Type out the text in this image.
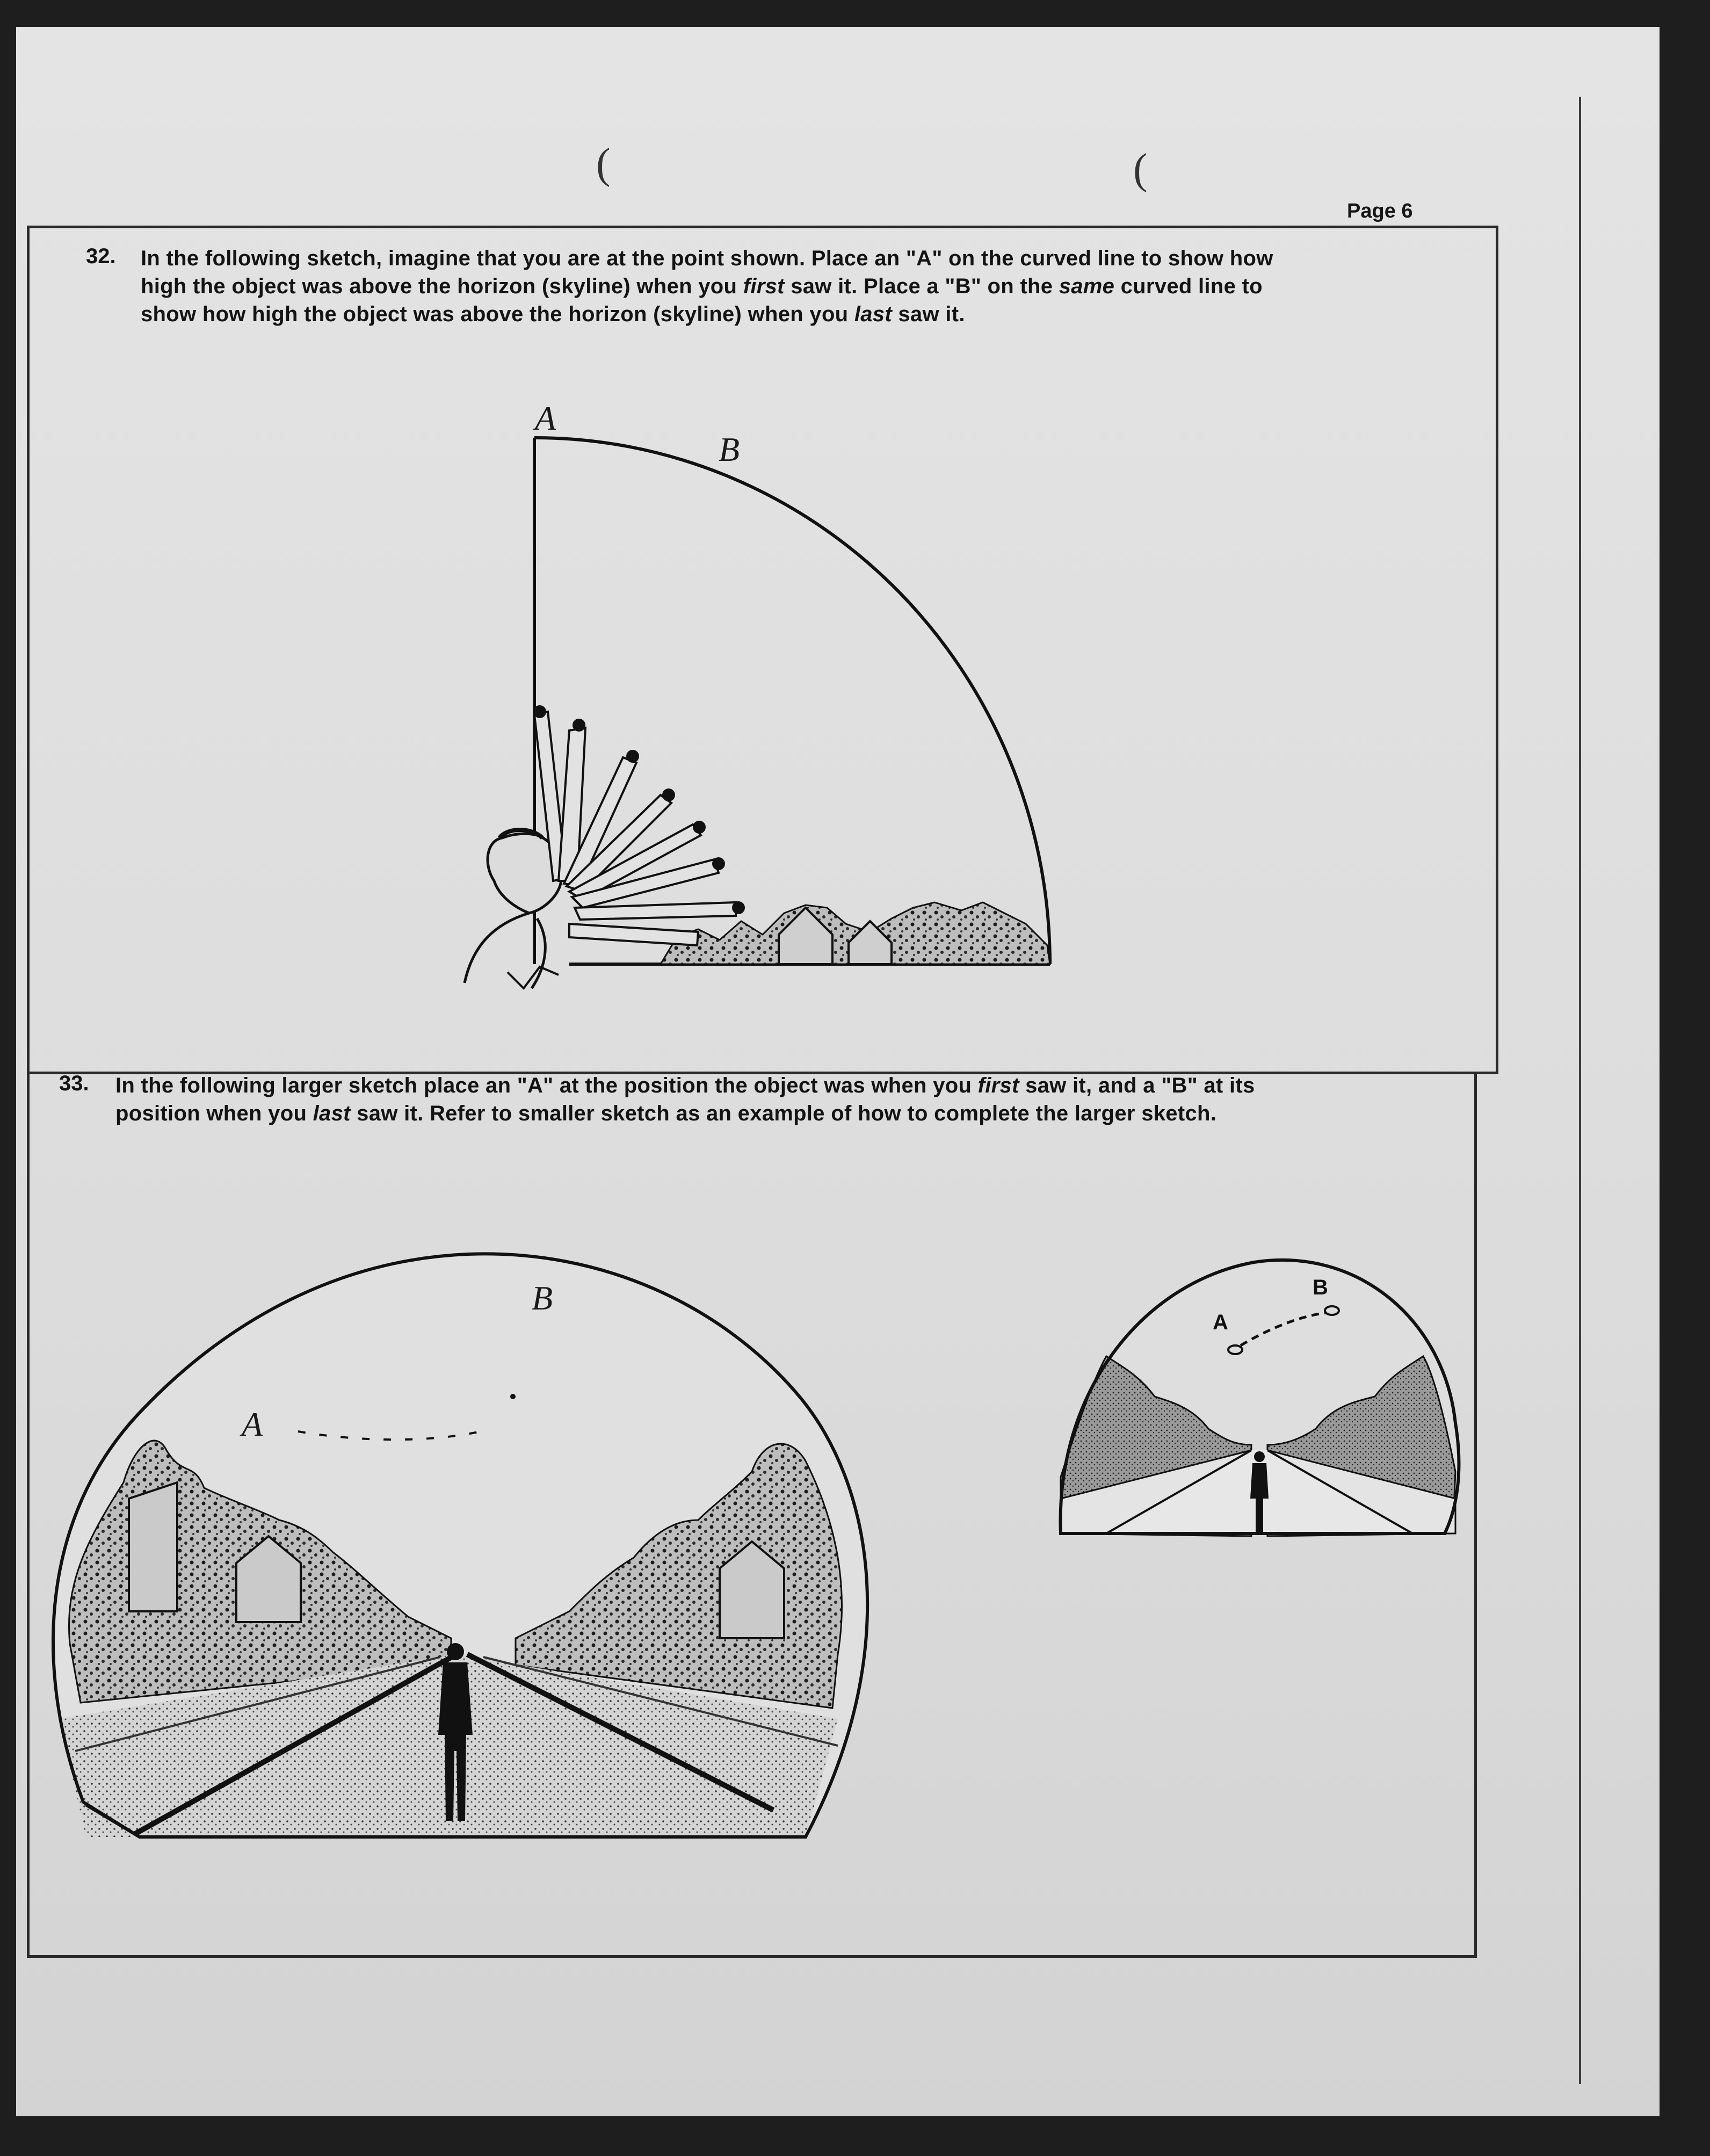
(	(
Page 6
32. In the following sketch, imagine that you are at the point shown. Place an "A" on the curved line to show how

high the object was above the horizon (skyline) when you first saw it. Place a "B" on the same curved line to

show how high the object was above the horizon (skyline) when you last saw it.

33. In the following larger sketch place an "A" at the position the object was when you first saw it, and a "B" at its

position when you last saw it. Refer to smaller sketch as an example of how to complete the larger sketch.

A
B
A
B
A
B
